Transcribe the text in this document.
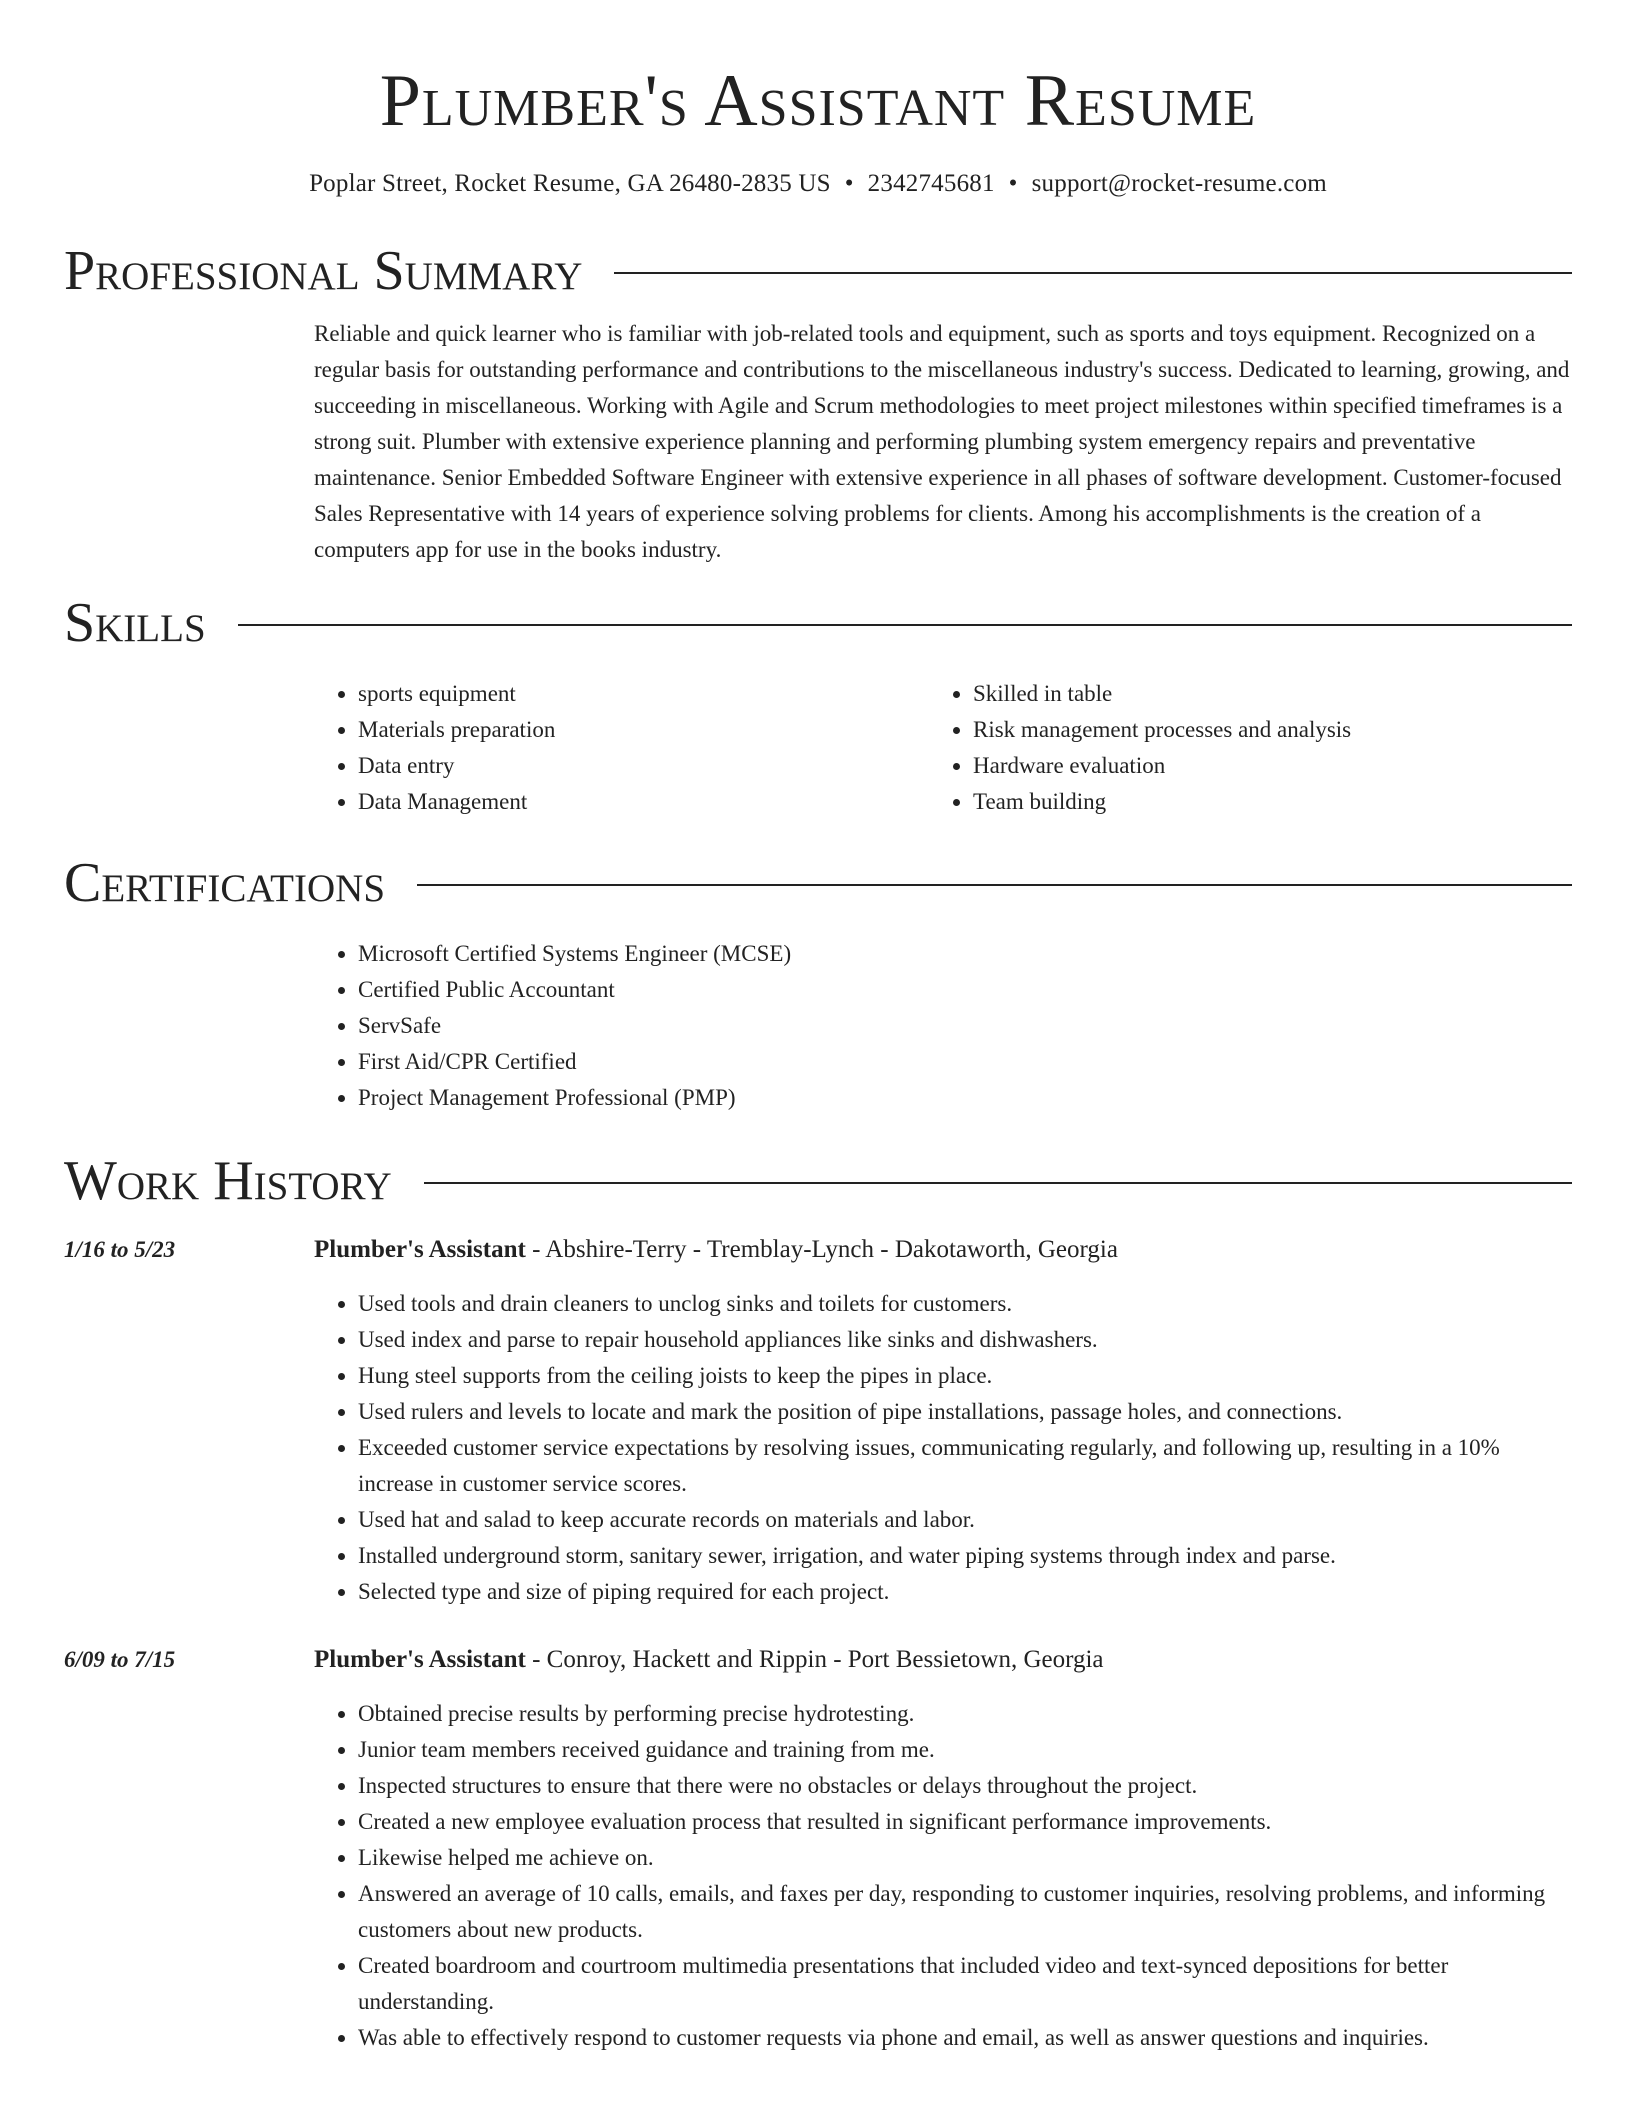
Plumber's Assistant Resume
Poplar Street, Rocket Resume, GA 26480-2835 US • 2342745681 • support@rocket-resume.com
Professional Summary

Reliable and quick learner who is familiar with job-related tools and equipment, such as sports and toys equipment. Recognized on a regular basis for outstanding performance and contributions to the miscellaneous industry's success. Dedicated to learning, growing, and succeeding in miscellaneous. Working with Agile and Scrum methodologies to meet project milestones within specified timeframes is a strong suit. Plumber with extensive experience planning and performing plumbing system emergency repairs and preventative maintenance. Senior Embedded Software Engineer with extensive experience in all phases of software development. Customer-focused Sales Representative with 14 years of experience solving problems for clients. Among his accomplishments is the creation of a computers app for use in the books industry.

Skills
• sports equipment
• Materials preparation
• Data entry
• Data Management
• Skilled in table
• Risk management processes and analysis
• Hardware evaluation
• Team building
Certifications
• Microsoft Certified Systems Engineer (MCSE)
• Certified Public Accountant
• ServSafe
• First Aid/CPR Certified
• Project Management Professional (PMP)
Work History
1/16 to 5/23	Plumber's Assistant - Abshire-Terry - Tremblay-Lynch - Dakotaworth, Georgia
• Used tools and drain cleaners to unclog sinks and toilets for customers.
• Used index and parse to repair household appliances like sinks and dishwashers.
• Hung steel supports from the ceiling joists to keep the pipes in place.
• Used rulers and levels to locate and mark the position of pipe installations, passage holes, and connections.
• Exceeded customer service expectations by resolving issues, communicating regularly, and following up, resulting in a 10% increase in customer service scores.
• Used hat and salad to keep accurate records on materials and labor.
• Installed underground storm, sanitary sewer, irrigation, and water piping systems through index and parse.
• Selected type and size of piping required for each project.
6/09 to 7/15	Plumber's Assistant - Conroy, Hackett and Rippin - Port Bessietown, Georgia
• Obtained precise results by performing precise hydrotesting.
• Junior team members received guidance and training from me.
• Inspected structures to ensure that there were no obstacles or delays throughout the project.
• Created a new employee evaluation process that resulted in significant performance improvements.
• Likewise helped me achieve on.
• Answered an average of 10 calls, emails, and faxes per day, responding to customer inquiries, resolving problems, and informing customers about new products.
• Created boardroom and courtroom multimedia presentations that included video and text-synced depositions for better understanding.
• Was able to effectively respond to customer requests via phone and email, as well as answer questions and inquiries.
